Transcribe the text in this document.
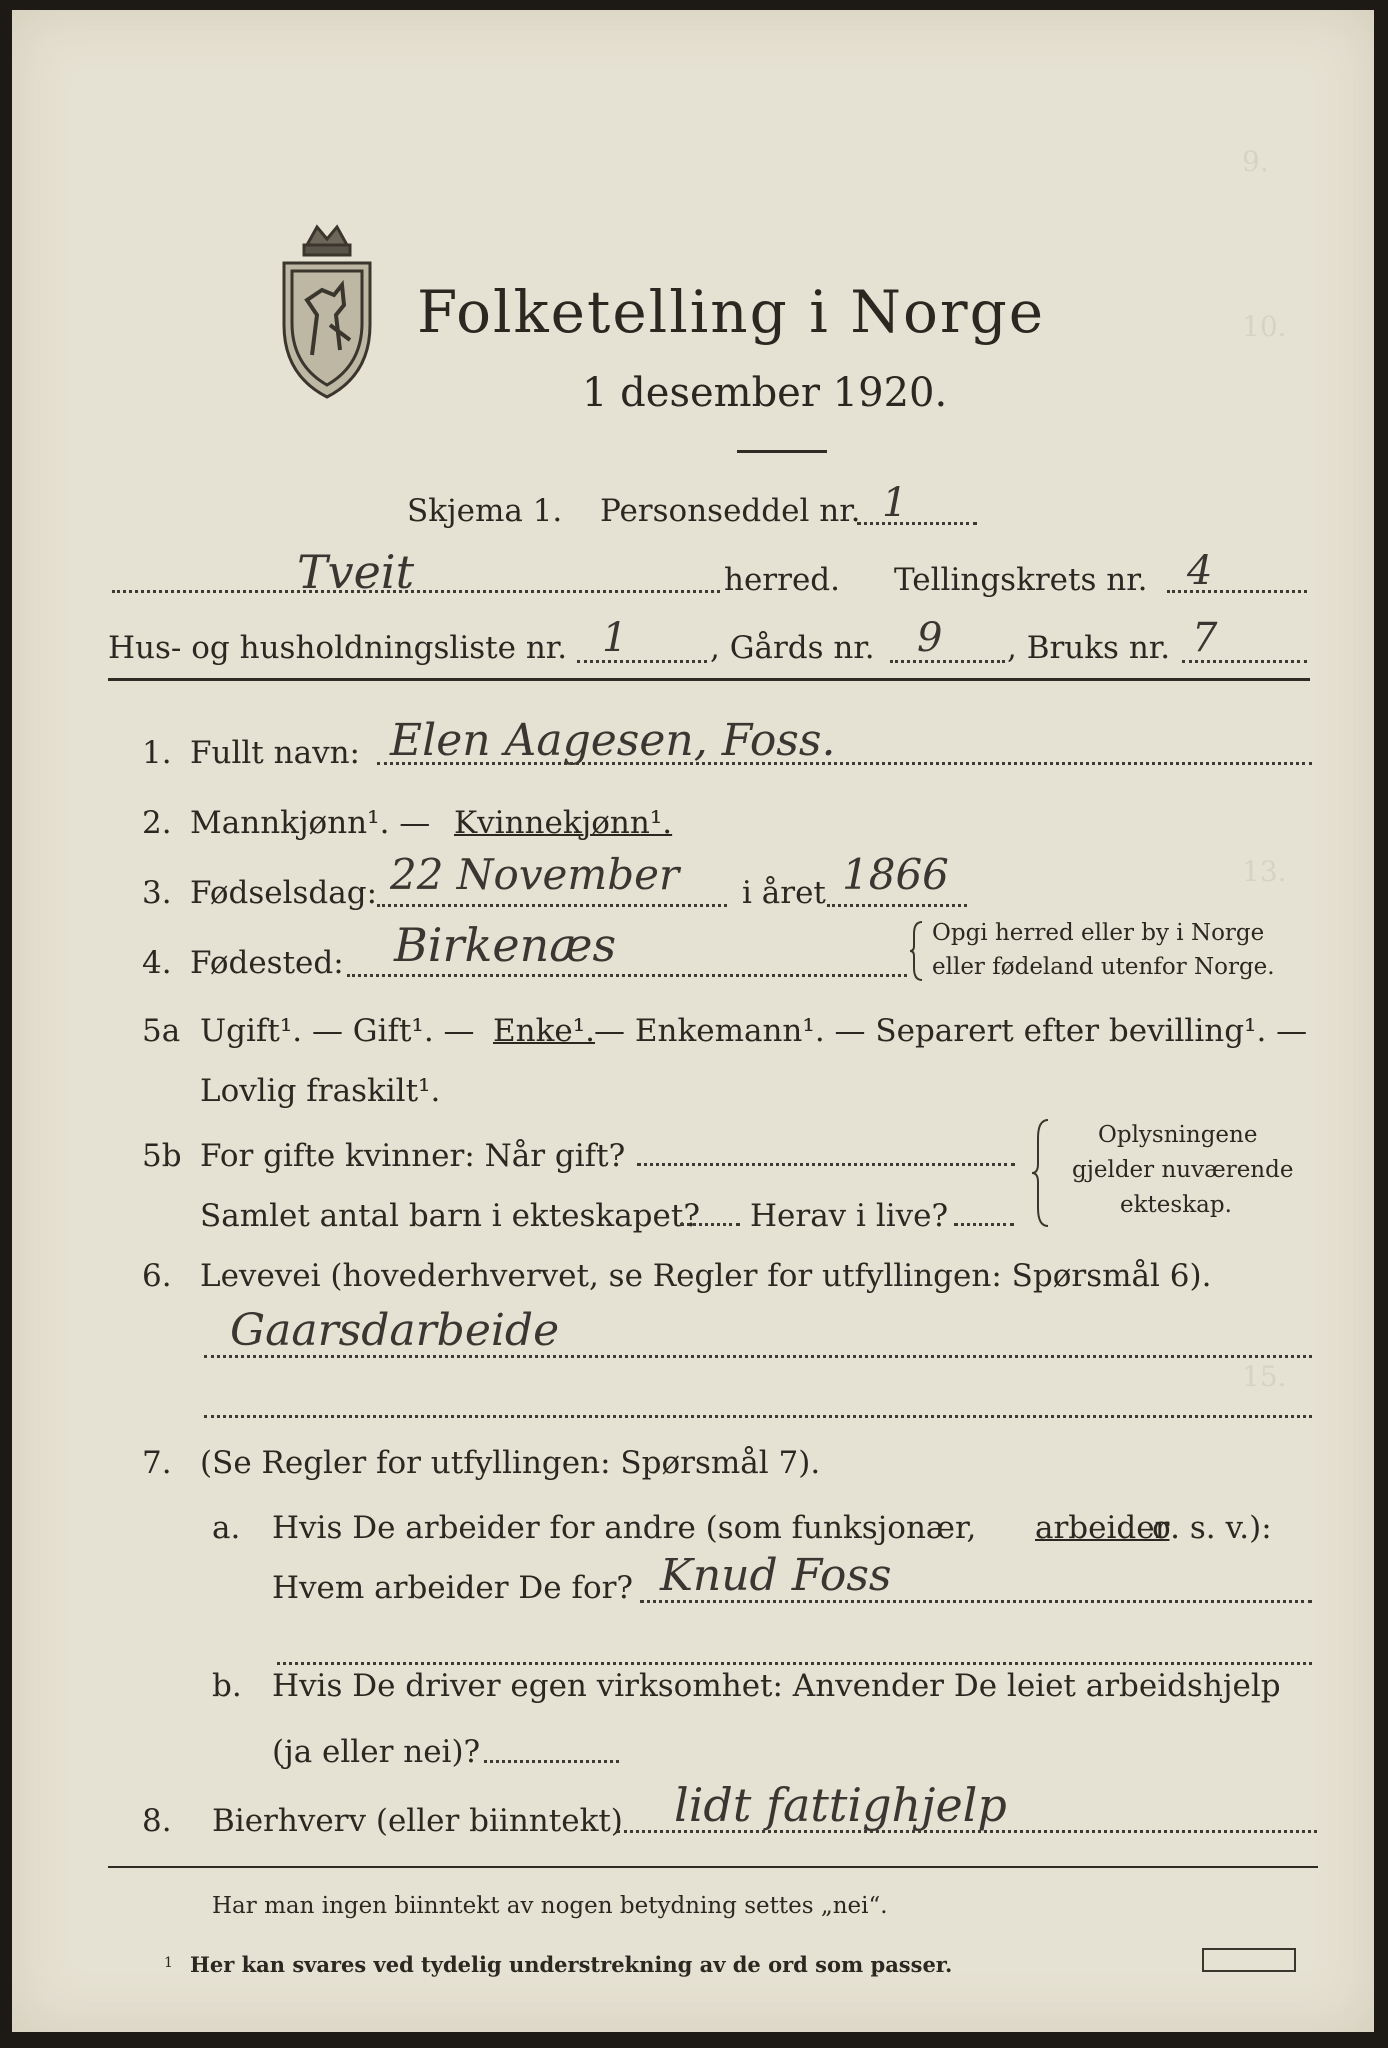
9.
10.
13.
15.
Folketelling i Norge
1 desember 1920.
Skjema 1. Personseddel nr. 1
Tveit	herred. Tellingskrets nr. 4
Hus- og husholdningsliste nr. 1	, Gårds nr. 9 , Bruks nr. 7
1. Fullt navn: Elen Aagesen, Foss.
2. Mannkjønn¹. — Kvinnekjønn¹.
3. Fødselsdag: 22 November i året 1866
4. Fødested: Birkenæs	Opgi herred eller by i Norge
eller fødeland utenfor Norge.
5a Ugift¹. — Gift¹. — Enke¹.
— Enkemann¹. — Separert efter bevilling¹. —
Lovlig fraskilt¹.
5b For gifte kvinner: Når gift?
Samlet antal barn i ekteskapet? Herav i live?
Oplysningene
gjelder nuværende
ekteskap.
6. Levevei (hovederhvervet, se Regler for utfyllingen: Spørsmål 6).
Gaarsdarbeide
7. (Se Regler for utfyllingen: Spørsmål 7).
a. Hvis De arbeider for andre (som funksjonær, arbeider
o. s. v.):
Hvem arbeider De for? Knud Foss
b. Hvis De driver egen virksomhet: Anvender De leiet arbeidshjelp
(ja eller nei)?
8. Bierhverv (eller biinntekt) lidt fattighjelp
Har man ingen biinntekt av nogen betydning settes „nei“.
1 Her kan svares ved tydelig understrekning av de ord som passer.
